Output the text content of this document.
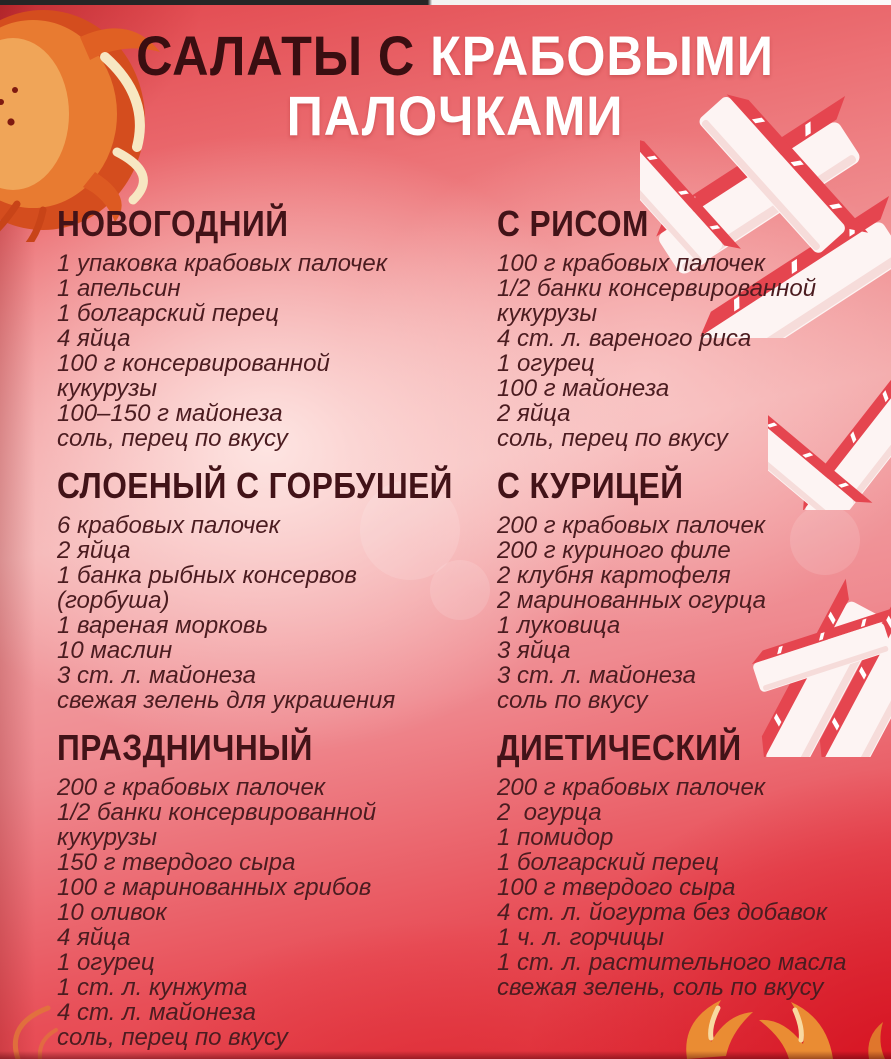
САЛАТЫ С КРАБОВЫМИ
ПАЛОЧКАМИ
НОВОГОДНИЙ
1 упаковка крабовых палочек
1 апельсин
1 болгарский перец
4 яйца
100 г консервированной
кукурузы
100–150 г майонеза
соль, перец по вкусу
СЛОЕНЫЙ С ГОРБУШЕЙ
6 крабовых палочек
2 яйца
1 банка рыбных консервов
(горбуша)
1 вареная морковь
10 маслин
3 ст. л. майонеза
свежая зелень для украшения
ПРАЗДНИЧНЫЙ
200 г крабовых палочек
1/2 банки консервированной
кукурузы
150 г твердого сыра
100 г маринованных грибов
10 оливок
4 яйца
1 огурец
1 ст. л. кунжута
4 ст. л. майонеза
соль, перец по вкусу
С РИСОМ
100 г крабовых палочек
1/2 банки консервированной
кукурузы
4 ст. л. вареного риса
1 огурец
100 г майонеза
2 яйца
соль, перец по вкусу
С КУРИЦЕЙ
200 г крабовых палочек
200 г куриного филе
2 клубня картофеля
2 маринованных огурца
1 луковица
3 яйца
3 ст. л. майонеза
соль по вкусу
ДИЕТИЧЕСКИЙ
200 г крабовых палочек
2  огурца
1 помидор
1 болгарский перец
100 г твердого сыра
4 ст. л. йогурта без добавок
1 ч. л. горчицы
1 ст. л. растительного масла
свежая зелень, соль по вкусу
